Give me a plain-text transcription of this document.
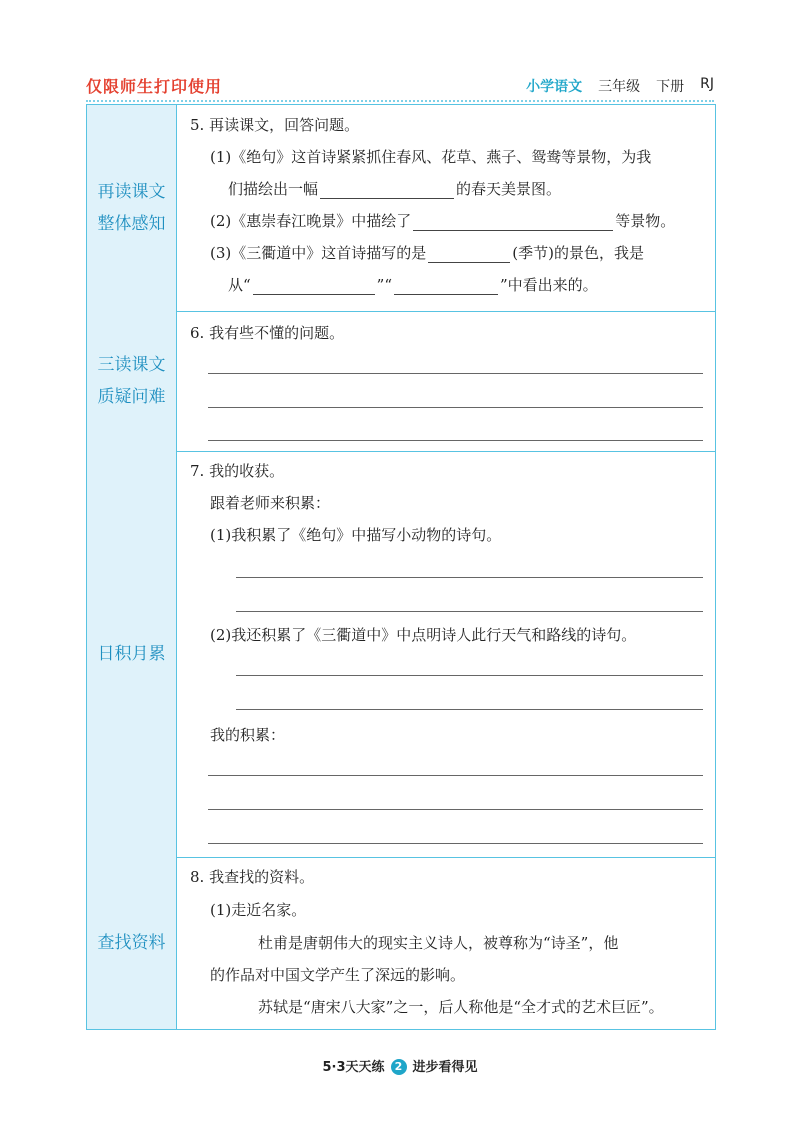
仅限师生打印使用	小学语文 三年级 下册 RJ
再读课文
整体感知
5. 再读课文，回答问题。
(1)《绝句》这首诗紧紧抓住春风、花草、燕子、鸳鸯等景物，为我
们描绘出一幅	的春天美景图。
(2)《惠崇春江晚景》中描绘了	等景物。
(3)《三衢道中》这首诗描写的是	(季节)的景色，我是
从“	”“	”中看出来的。
三读课文
质疑问难
6. 我有些不懂的问题。
日积月累
7. 我的收获。
跟着老师来积累：
(1)我积累了《绝句》中描写小动物的诗句。
(2)我还积累了《三衢道中》中点明诗人此行天气和路线的诗句。
我的积累：
查找资料
8. 我查找的资料。
(1)走近名家。
杜甫是唐朝伟大的现实主义诗人，被尊称为“诗圣”，他
的作品对中国文学产生了深远的影响。
苏轼是“唐宋八大家”之一，后人称他是“全才式的艺术巨匠”。
5·3天天练 2 进步看得见
